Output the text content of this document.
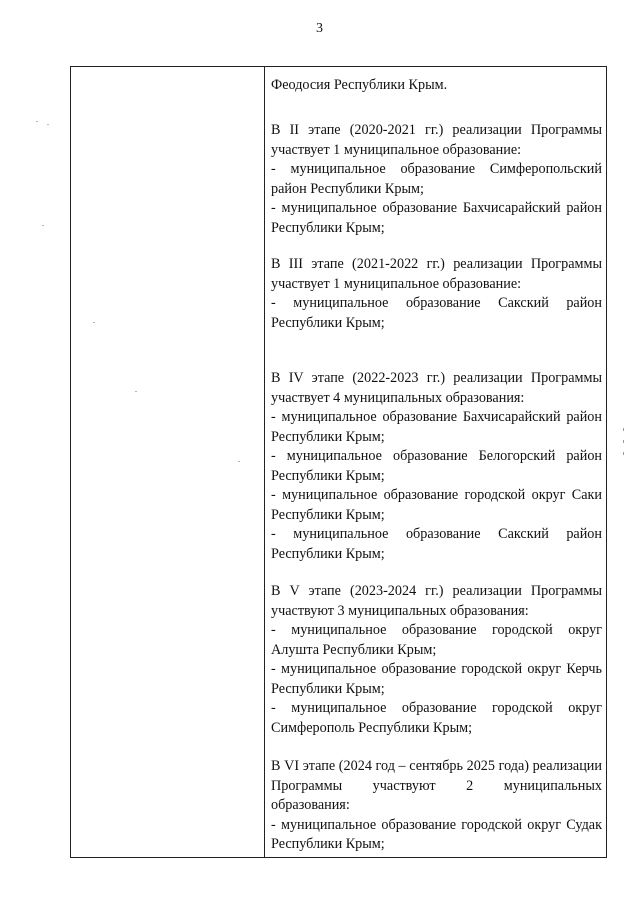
3

Феодосия Республики Крым.

В II этапе (2020-2021 гг.) реализации Программы участвует 1 муниципальное образование:

- муниципальное образование Симферопольский район Республики Крым;

- муниципальное образование Бахчисарайский район Республики Крым;

В III этапе (2021-2022 гг.) реализации Программы участвует 1 муниципальное образование:

- муниципальное образование Сакский район Республики Крым;

В IV этапе (2022-2023 гг.) реализации Программы участвует 4 муниципальных образования:

- муниципальное образование Бахчисарайский район Республики Крым;

- муниципальное образование Белогорский район Республики Крым;

- муниципальное образование городской округ Саки Республики Крым;

- муниципальное образование Сакский район Республики Крым;

В V этапе (2023-2024 гг.) реализации Программы участвуют 3 муниципальных образования:

- муниципальное образование городской округ Алушта Республики Крым;

- муниципальное образование городской округ Керчь Республики Крым;

- муниципальное образование городской округ Симферополь Республики Крым;

В VI этапе (2024 год – сентябрь 2025 года) реализации Программы участвуют 2 муниципальных образования:

- муниципальное образование городской округ Судак Республики Крым;
